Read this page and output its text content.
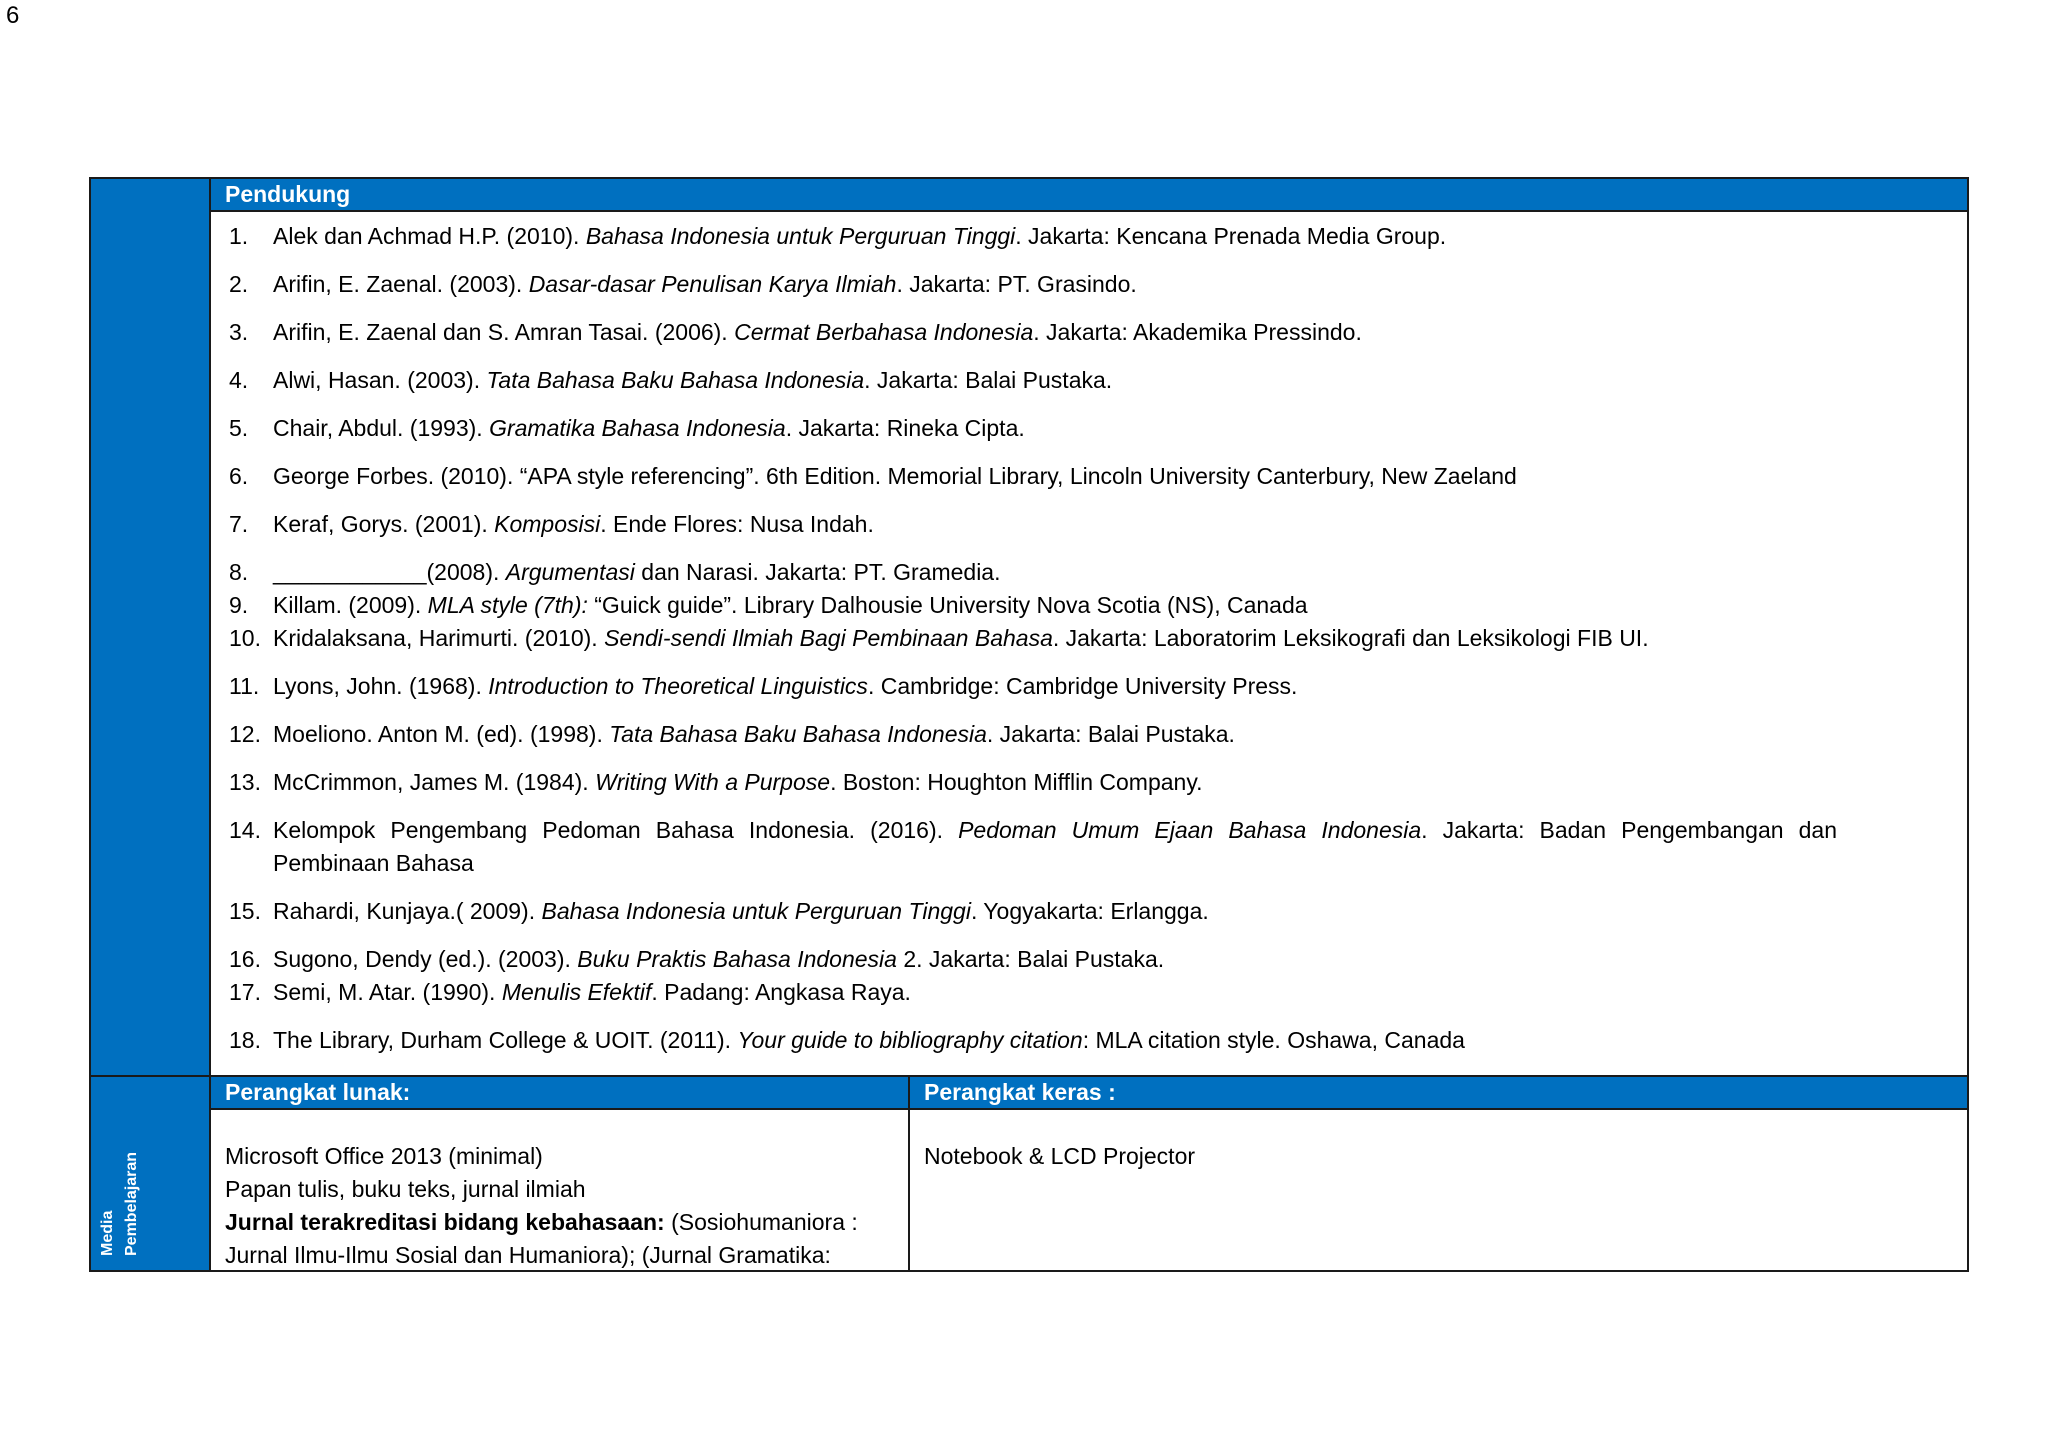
6
Media Pembelajaran
Pendukung
1. Alek dan Achmad H.P. (2010). Bahasa Indonesia untuk Perguruan Tinggi. Jakarta: Kencana Prenada Media Group.
2. Arifin, E. Zaenal. (2003). Dasar-dasar Penulisan Karya Ilmiah. Jakarta: PT. Grasindo.
3. Arifin, E. Zaenal dan S. Amran Tasai. (2006). Cermat Berbahasa Indonesia. Jakarta: Akademika Pressindo.
4. Alwi, Hasan. (2003). Tata Bahasa Baku Bahasa Indonesia. Jakarta: Balai Pustaka.
5. Chair, Abdul. (1993). Gramatika Bahasa Indonesia. Jakarta: Rineka Cipta.
6. George Forbes. (2010). “APA style referencing”. 6th Edition. Memorial Library, Lincoln University Canterbury, New Zaeland
7. Keraf, Gorys. (2001). Komposisi. Ende Flores: Nusa Indah.
8. ____________(2008). Argumentasi dan Narasi. Jakarta: PT. Gramedia.
9. Killam. (2009). MLA style (7th): “Guick guide”. Library Dalhousie University Nova Scotia (NS), Canada
10. Kridalaksana, Harimurti. (2010). Sendi-sendi Ilmiah Bagi Pembinaan Bahasa. Jakarta: Laboratorim Leksikografi dan Leksikologi FIB UI.
11. Lyons, John. (1968). Introduction to Theoretical Linguistics. Cambridge: Cambridge University Press.
12. Moeliono. Anton M. (ed). (1998). Tata Bahasa Baku Bahasa Indonesia. Jakarta: Balai Pustaka.
13. McCrimmon, James M. (1984). Writing With a Purpose. Boston: Houghton Mifflin Company.
14. Kelompok Pengembang Pedoman Bahasa Indonesia. (2016). Pedoman Umum Ejaan Bahasa Indonesia. Jakarta: Badan Pengembangan dan Pembinaan Bahasa
15. Rahardi, Kunjaya.( 2009). Bahasa Indonesia untuk Perguruan Tinggi. Yogyakarta: Erlangga.
16. Sugono, Dendy (ed.). (2003). Buku Praktis Bahasa Indonesia 2. Jakarta: Balai Pustaka.
17. Semi, M. Atar. (1990). Menulis Efektif. Padang: Angkasa Raya.
18. The Library, Durham College & UOIT. (2011). Your guide to bibliography citation: MLA citation style. Oshawa, Canada
Perangkat lunak:
Microsoft Office 2013 (minimal)
Papan tulis, buku teks, jurnal ilmiah
Jurnal terakreditasi bidang kebahasaan: (Sosiohumaniora :
Jurnal Ilmu-Ilmu Sosial dan Humaniora); (Jurnal Gramatika:
Perangkat keras :
Notebook & LCD Projector
